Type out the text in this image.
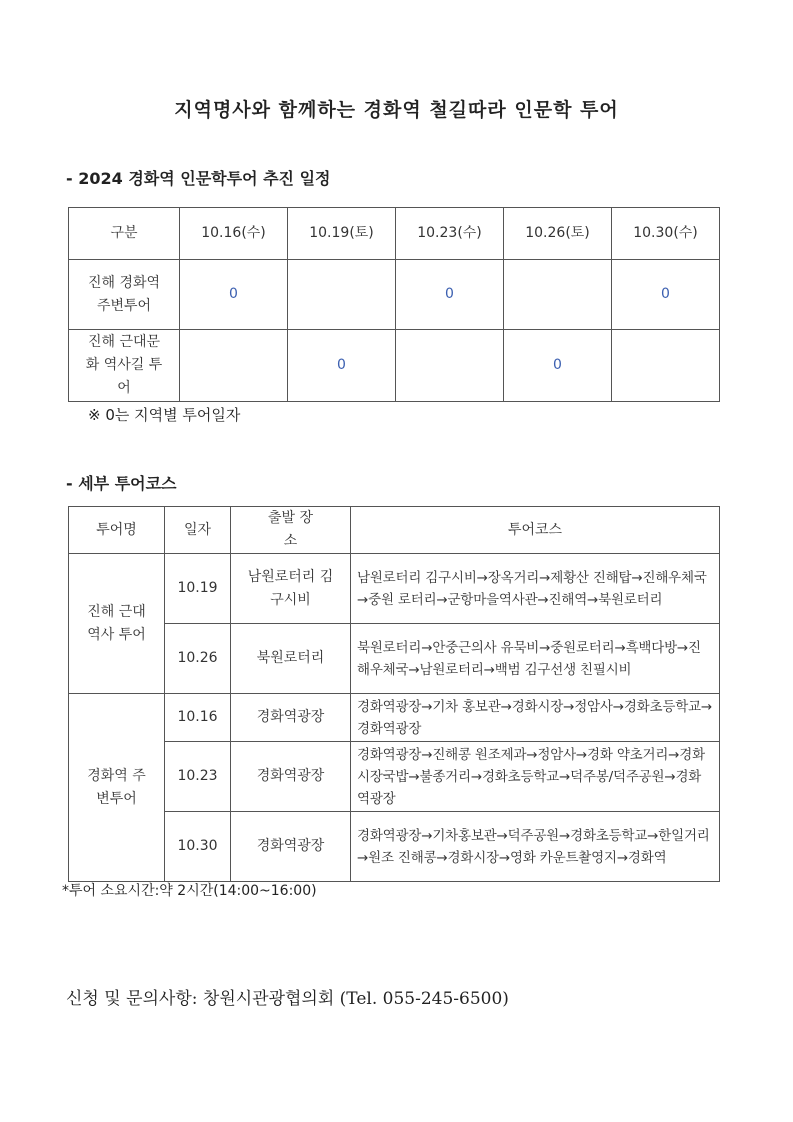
지역명사와 함께하는 경화역 철길따라 인문학 투어
- 2024 경화역 인문학투어 추진 일정
구분	10.16(수)	10.19(토)	10.23(수)	10.26(토)	10.30(수)
진해 경화역 주변투어	0		0		0
진해 근대문화 역사길 투어		0		0	
※ 0는 지역별 투어일자
- 세부 투어코스
투어명	일자	출발 장소	투어코스
진해 근대역사 투어	10.19	남원로터리 김구시비	남원로터리 김구시비→장옥거리→제황산 진해탑→진해우체국→중원 로터리→군항마을역사관→진해역→북원로터리
	10.26	북원로터리	북원로터리→안중근의사 유묵비→중원로터리→흑백다방→진해우체국→남원로터리→백범 김구선생 친필시비
경화역 주변투어	10.16	경화역광장	경화역광장→기차 홍보관→경화시장→정암사→경화초등학교→경화역광장
	10.23	경화역광장	경화역광장→진해콩 원조제과→정암사→경화 약초거리→경화시장국밥→불종거리→경화초등학교→덕주봉/덕주공원→경화역광장
	10.30	경화역광장	경화역광장→기차홍보관→덕주공원→경화초등학교→한일거리→원조 진해콩→경화시장→영화 카운트촬영지→경화역
*투어 소요시간:약 2시간(14:00~16:00)
신청 및 문의사항: 창원시관광협의회 (Tel. 055-245-6500)
